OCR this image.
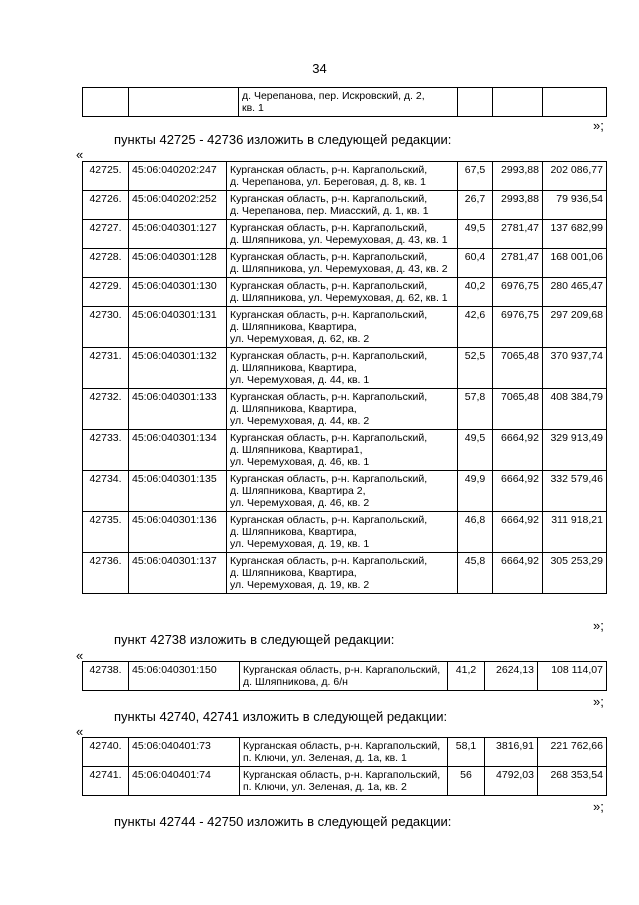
34

д. Черепанова, пер. Искровский, д. 2,
кв. 1

»;
пункты 42725 - 42736 изложить в следующей редакции:
«
42725.	45:06:040202:247	Курганская область, р-н. Каргапольский,
д. Черепанова, ул. Береговая, д. 8, кв. 1	67,5	2993,88	202 086,77
42726.	45:06:040202:252	Курганская область, р-н. Каргапольский,
д. Черепанова, пер. Миасский, д. 1, кв. 1	26,7	2993,88	79 936,54
42727.	45:06:040301:127	Курганская область, р-н. Каргапольский,
д. Шляпникова, ул. Черемуховая, д. 43, кв. 1	49,5	2781,47	137 682,99
42728.	45:06:040301:128	Курганская область, р-н. Каргапольский,
д. Шляпникова, ул. Черемуховая, д. 43, кв. 2	60,4	2781,47	168 001,06
42729.	45:06:040301:130	Курганская область, р-н. Каргапольский,
д. Шляпникова, ул. Черемуховая, д. 62, кв. 1	40,2	6976,75	280 465,47
42730.	45:06:040301:131	Курганская область, р-н. Каргапольский,
д. Шляпникова, Квартира,
ул. Черемуховая, д. 62, кв. 2	42,6	6976,75	297 209,68
42731.	45:06:040301:132	Курганская область, р-н. Каргапольский,
д. Шляпникова, Квартира,
ул. Черемуховая, д. 44, кв. 1	52,5	7065,48	370 937,74
42732.	45:06:040301:133	Курганская область, р-н. Каргапольский,
д. Шляпникова, Квартира,
ул. Черемуховая, д. 44, кв. 2	57,8	7065,48	408 384,79
42733.	45:06:040301:134	Курганская область, р-н. Каргапольский,
д. Шляпникова, Квартира1,
ул. Черемуховая, д. 46, кв. 1	49,5	6664,92	329 913,49
42734.	45:06:040301:135	Курганская область, р-н. Каргапольский,
д. Шляпникова, Квартира 2,
ул. Черемуховая, д. 46, кв. 2	49,9	6664,92	332 579,46
42735.	45:06:040301:136	Курганская область, р-н. Каргапольский,
д. Шляпникова, Квартира,
ул. Черемуховая, д. 19, кв. 1	46,8	6664,92	311 918,21
42736.	45:06:040301:137	Курганская область, р-н. Каргапольский,
д. Шляпникова, Квартира,
ул. Черемуховая, д. 19, кв. 2	45,8	6664,92	305 253,29
»;
пункт 42738 изложить в следующей редакции:
«
42738.	45:06:040301:150	Курганская область, р-н. Каргапольский,
д. Шляпникова, д. 6/н
	41,2	2624,13	108 114,07
»;
пункты 42740, 42741 изложить в следующей редакции:
«
42740.	45:06:040401:73	Курганская область, р-н. Каргапольский,
п. Ключи, ул. Зеленая, д. 1а, кв. 1	58,1	3816,91	221 762,66
42741.	45:06:040401:74	Курганская область, р-н. Каргапольский,
п. Ключи, ул. Зеленая, д. 1а, кв. 2	56	4792,03	268 353,54
»;
пункты 42744 - 42750 изложить в следующей редакции:
